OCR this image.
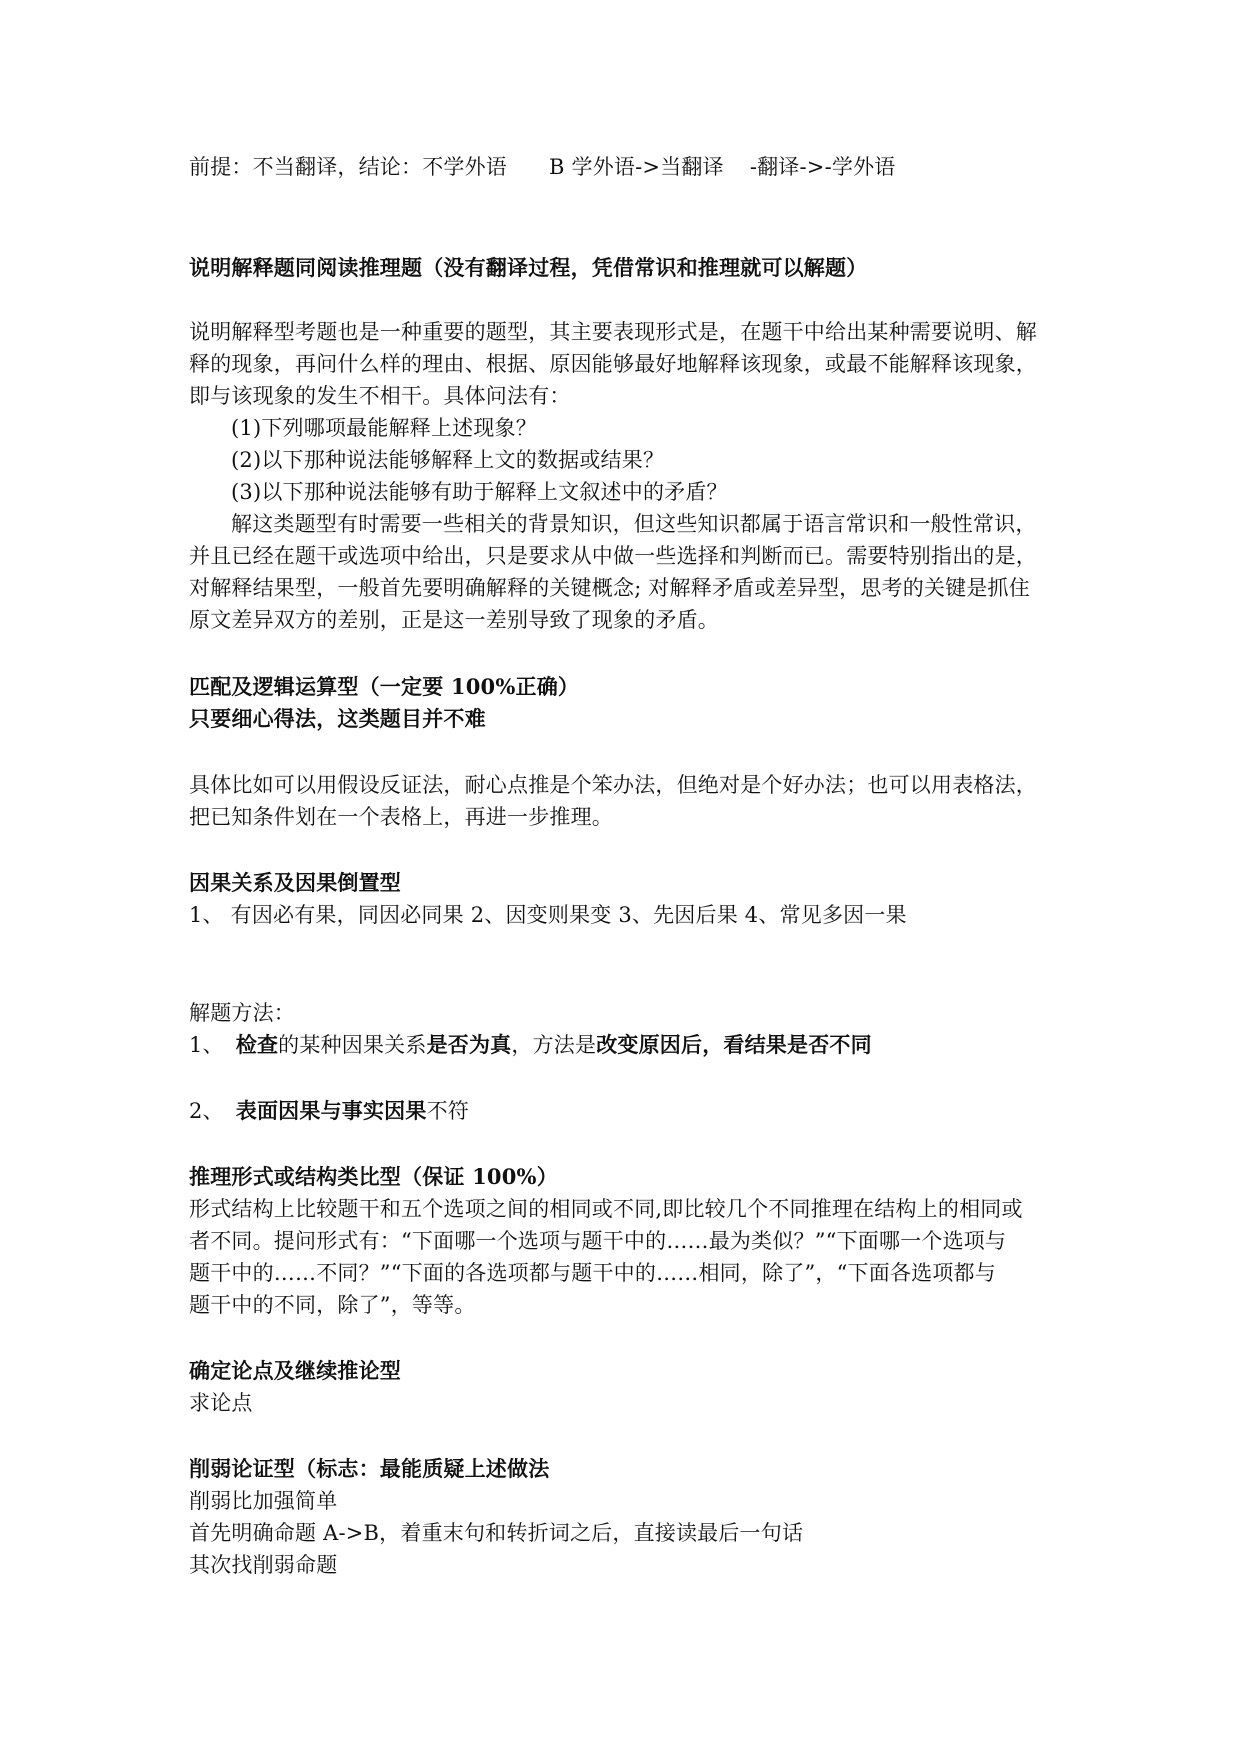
前提：不当翻译，结论：不学外语 B 学外语->当翻译 -翻译->-学外语
说明解释题同阅读推理题（没有翻译过程，凭借常识和推理就可以解题）
说明解释型考题也是一种重要的题型，其主要表现形式是，在题干中给出某种需要说明、解
释的现象，再问什么样的理由、根据、原因能够最好地解释该现象，或最不能解释该现象，
即与该现象的发生不相干。具体问法有：
(1)下列哪项最能解释上述现象？
(2)以下那种说法能够解释上文的数据或结果？
(3)以下那种说法能够有助于解释上文叙述中的矛盾？
解这类题型有时需要一些相关的背景知识，但这些知识都属于语言常识和一般性常识，
并且已经在题干或选项中给出，只是要求从中做一些选择和判断而已。需要特别指出的是，
对解释结果型，一般首先要明确解释的关键概念; 对解释矛盾或差异型，思考的关键是抓住
原文差异双方的差别，正是这一差别导致了现象的矛盾。
匹配及逻辑运算型（一定要 100%正确）
只要细心得法，这类题目并不难
具体比如可以用假设反证法，耐心点推是个笨办法，但绝对是个好办法；也可以用表格法，
把已知条件划在一个表格上，再进一步推理。
因果关系及因果倒置型
1、 有因必有果，同因必同果 2、因变则果变 3、先因后果 4、常见多因一果
解题方法：
1、 检查的某种因果关系是否为真，方法是改变原因后，看结果是否不同
2、 表面因果与事实因果不符
推理形式或结构类比型（保证 100%）
形式结构上比较题干和五个选项之间的相同或不同,即比较几个不同推理在结构上的相同或
者不同。提问形式有：“下面哪一个选项与题干中的……最为类似？”“下面哪一个选项与
题干中的……不同？”“下面的各选项都与题干中的……相同，除了”，“下面各选项都与
题干中的不同，除了”，等等。
确定论点及继续推论型
求论点
削弱论证型（标志：最能质疑上述做法
削弱比加强简单
首先明确命题 A->B，着重末句和转折词之后，直接读最后一句话
其次找削弱命题
